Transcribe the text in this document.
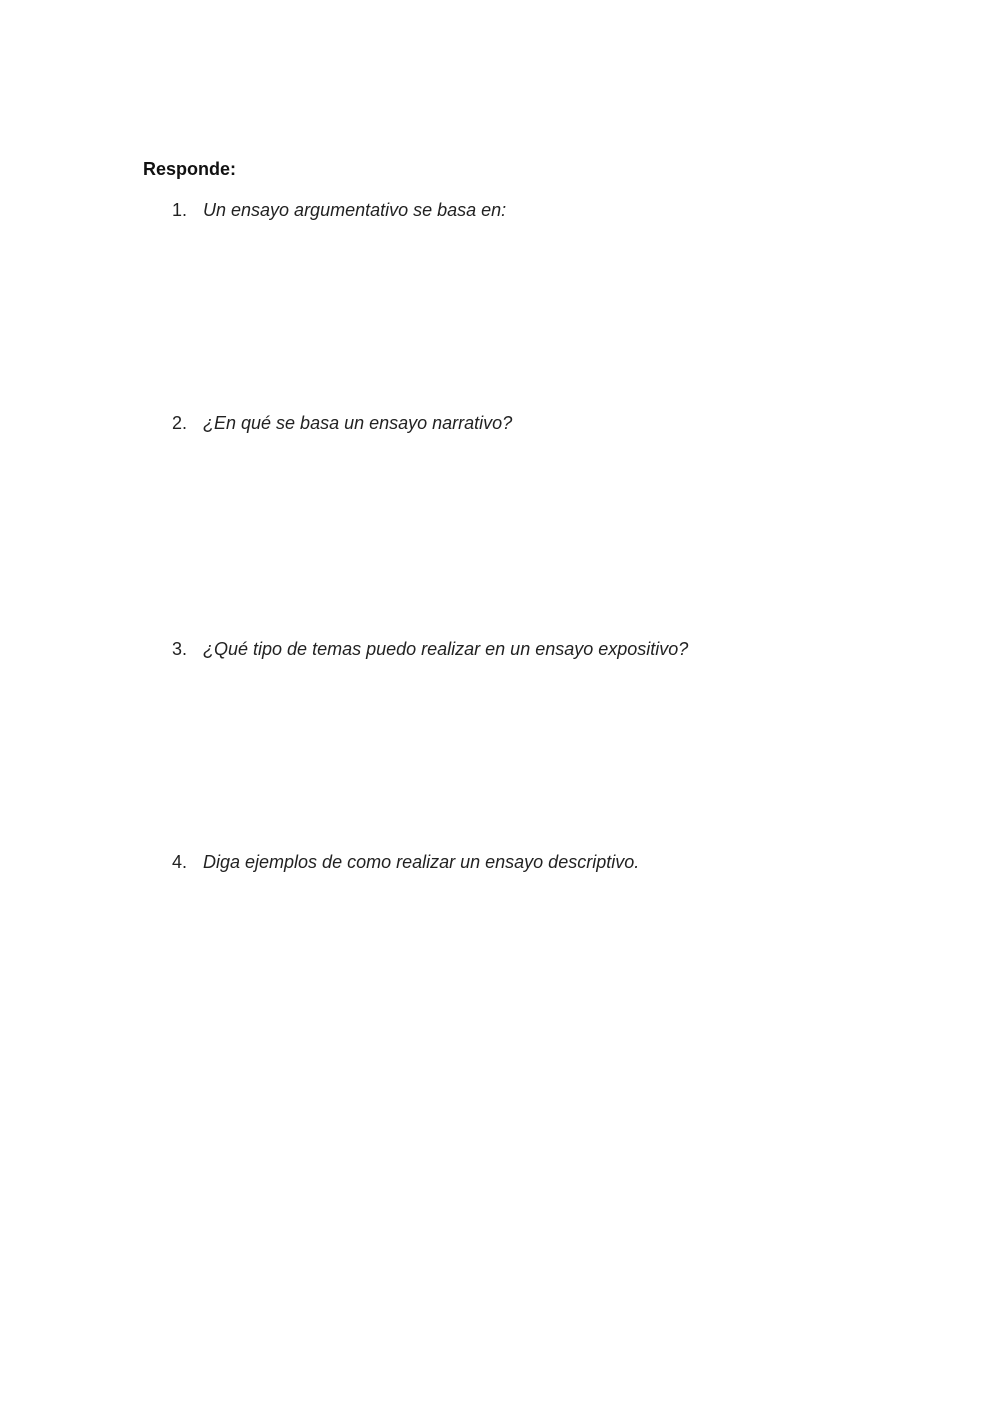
Responde:
1. Un ensayo argumentativo se basa en:
2. ¿En qué se basa un ensayo narrativo?
3. ¿Qué tipo de temas puedo realizar en un ensayo expositivo?
4. Diga ejemplos de como realizar un ensayo descriptivo.
